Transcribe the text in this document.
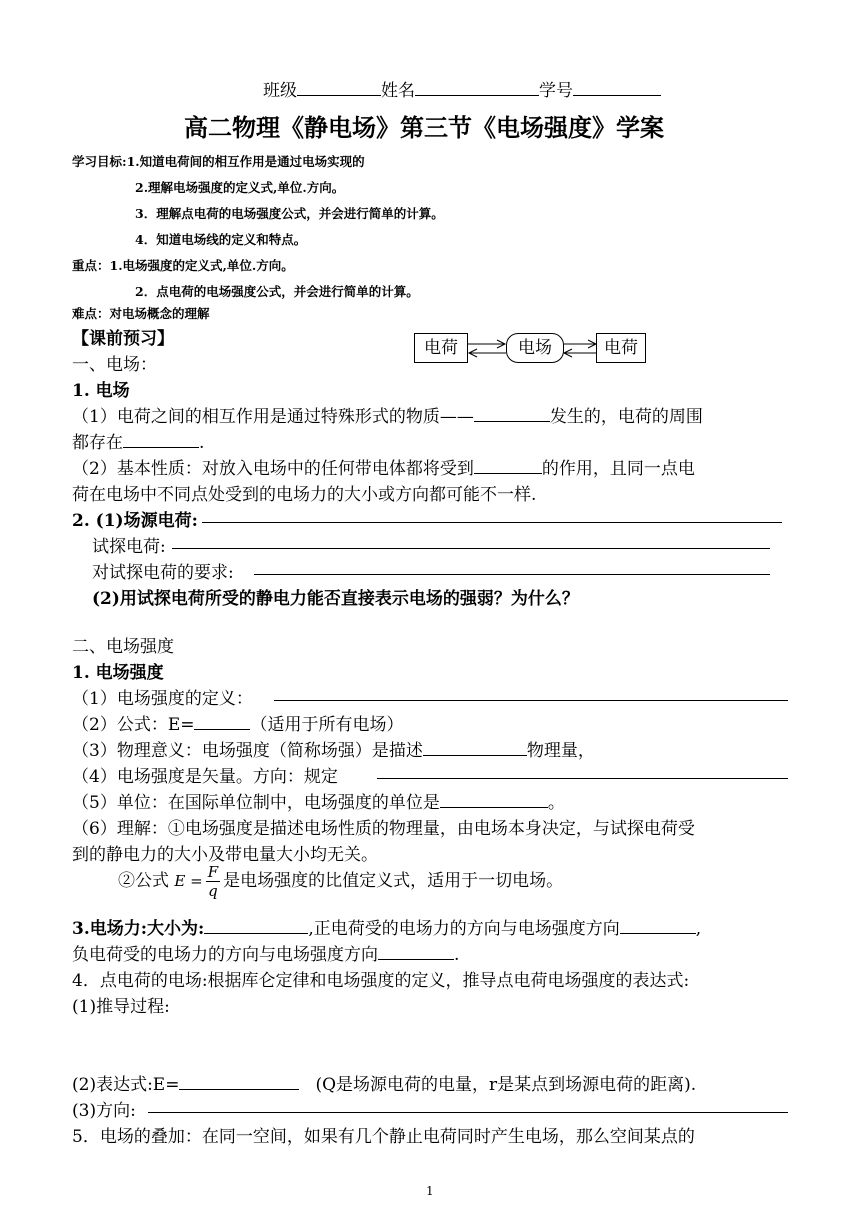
班级	姓名	学号
高二物理《静电场》第三节《电场强度》学案
学习目标:1.知道电荷间的相互作用是通过电场实现的
2.理解电场强度的定义式,单位.方向。
3．理解点电荷的电场强度公式，并会进行简单的计算。
4．知道电场线的定义和特点。
重点：1.电场强度的定义式,单位.方向。
2．点电荷的电场强度公式，并会进行简单的计算。
难点：对电场概念的理解
【课前预习】
一、电场：
电荷	电场	电荷
1. 电场
（1）电荷之间的相互作用是通过特殊形式的物质——	发生的，电荷的周围
都存在	.
（2）基本性质：对放入电场中的任何带电体都将受到	的作用，且同一点电
荷在电场中不同点处受到的电场力的大小或方向都可能不一样.
2. (1)场源电荷:
试探电荷:
对试探电荷的要求:
(2)用试探电荷所受的静电力能否直接表示电场的强弱？为什么？
二、电场强度
1. 电场强度
（1）电场强度的定义：
（2）公式：E=	（适用于所有电场）
（3）物理意义：电场强度（简称场强）是描述	物理量，
（4）电场强度是矢量。方向：规定
（5）单位：在国际单位制中，电场强度的单位是	。
（6）理解：①电场强度是描述电场性质的物理量，由电场本身决定，与试探电荷受
到的静电力的大小及带电量大小均无关。
②公式 $E = \frac{F}{q}$ 是电场强度的比值定义式，适用于一切电场。
3.电场力:大小为:	,正电荷受的电场力的方向与电场强度方向	,
负电荷受的电场力的方向与电场强度方向	.
4．点电荷的电场:根据库仑定律和电场强度的定义，推导点电荷电场强度的表达式:
(1)推导过程:
(2)表达式:E=	(Q是场源电荷的电量，r是某点到场源电荷的距离).
(3)方向:
5．电场的叠加：在同一空间，如果有几个静止电荷同时产生电场，那么空间某点的
1
